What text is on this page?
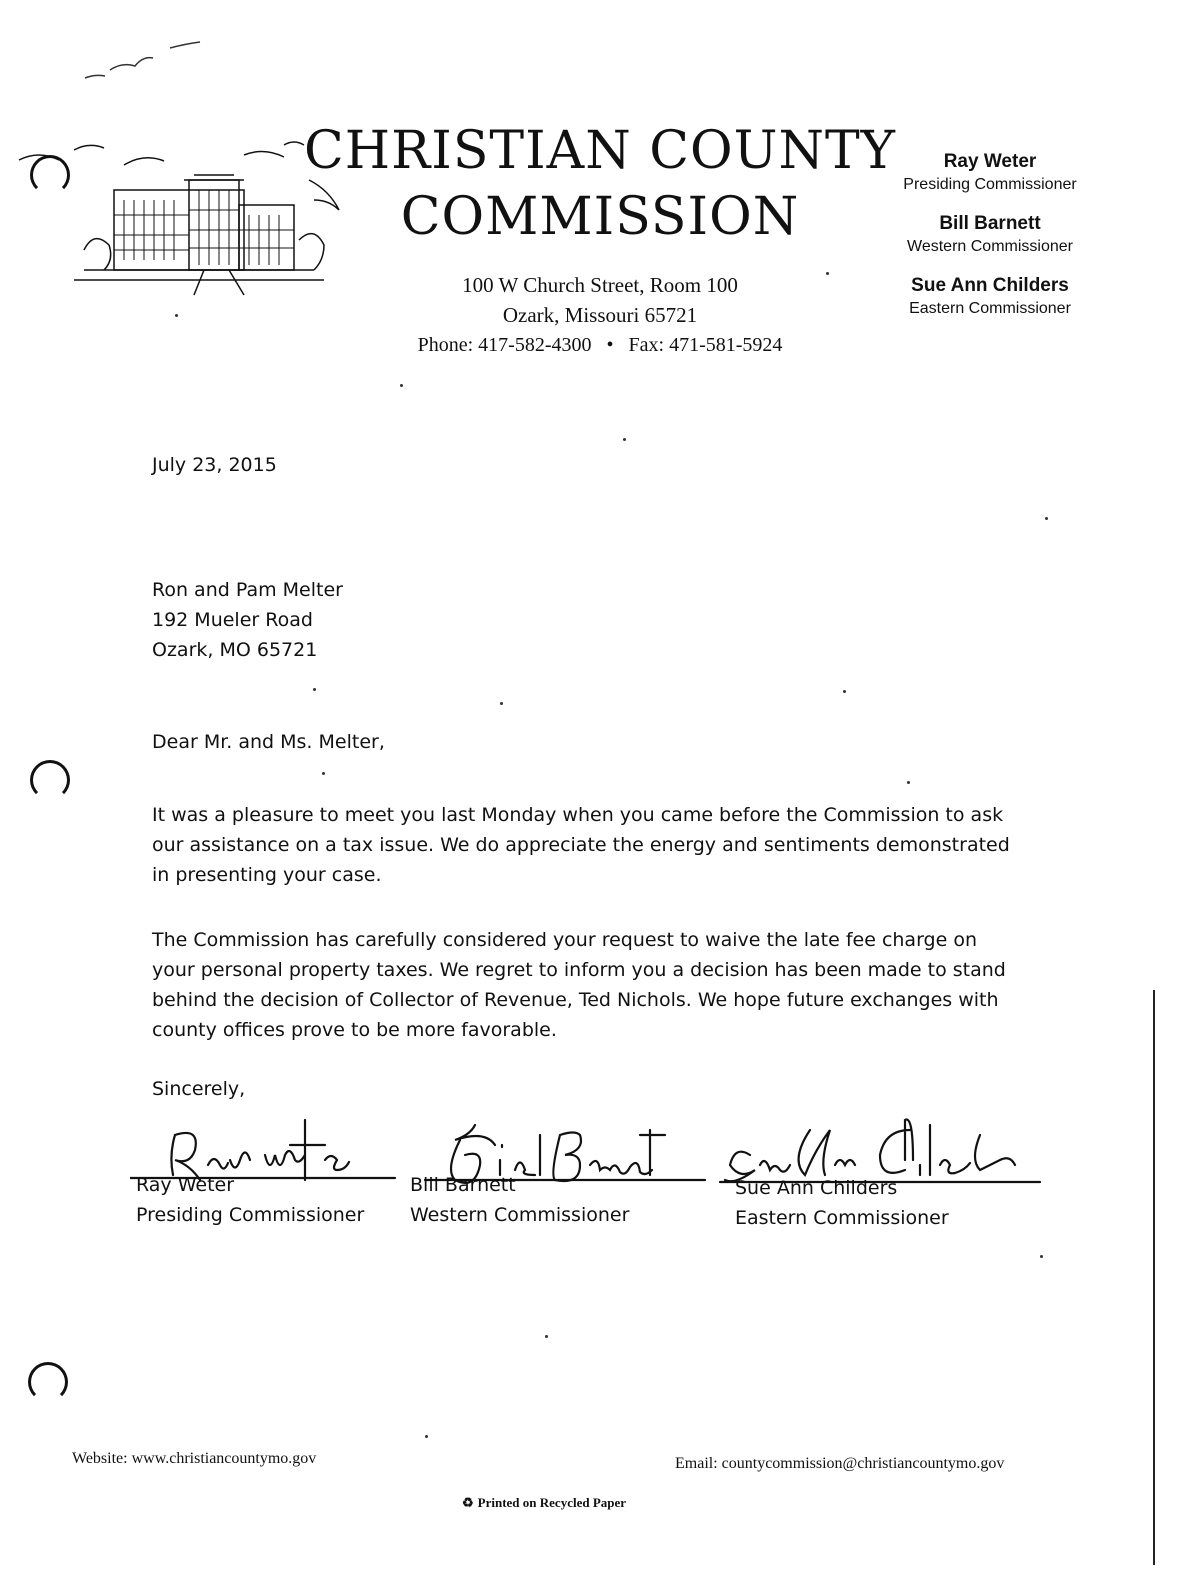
CHRISTIAN COUNTY
COMMISSION
100 W Church Street, Room 100
Ozark, Missouri 65721
Phone: 417-582-4300   •   Fax: 471-581-5924
Ray Weter
Presiding Commissioner
Bill Barnett
Western Commissioner
Sue Ann Childers
Eastern Commissioner
July 23, 2015
Ron and Pam Melter
192 Mueler Road
Ozark, MO 65721
Dear Mr. and Ms. Melter,
It was a pleasure to meet you last Monday when you came before the Commission to ask our assistance on a tax issue. We do appreciate the energy and sentiments demonstrated in presenting your case.
The Commission has carefully considered your request to waive the late fee charge on your personal property taxes. We regret to inform you a decision has been made to stand behind the decision of Collector of Revenue, Ted Nichols. We hope future exchanges with county offices prove to be more favorable.
Sincerely,
Ray Weter
Presiding Commissioner
Bill Barnett
Western Commissioner
Sue Ann Childers
Eastern Commissioner
Website: www.christiancountymo.gov	Email: countycommission@christiancountymo.gov
♻ Printed on Recycled Paper
